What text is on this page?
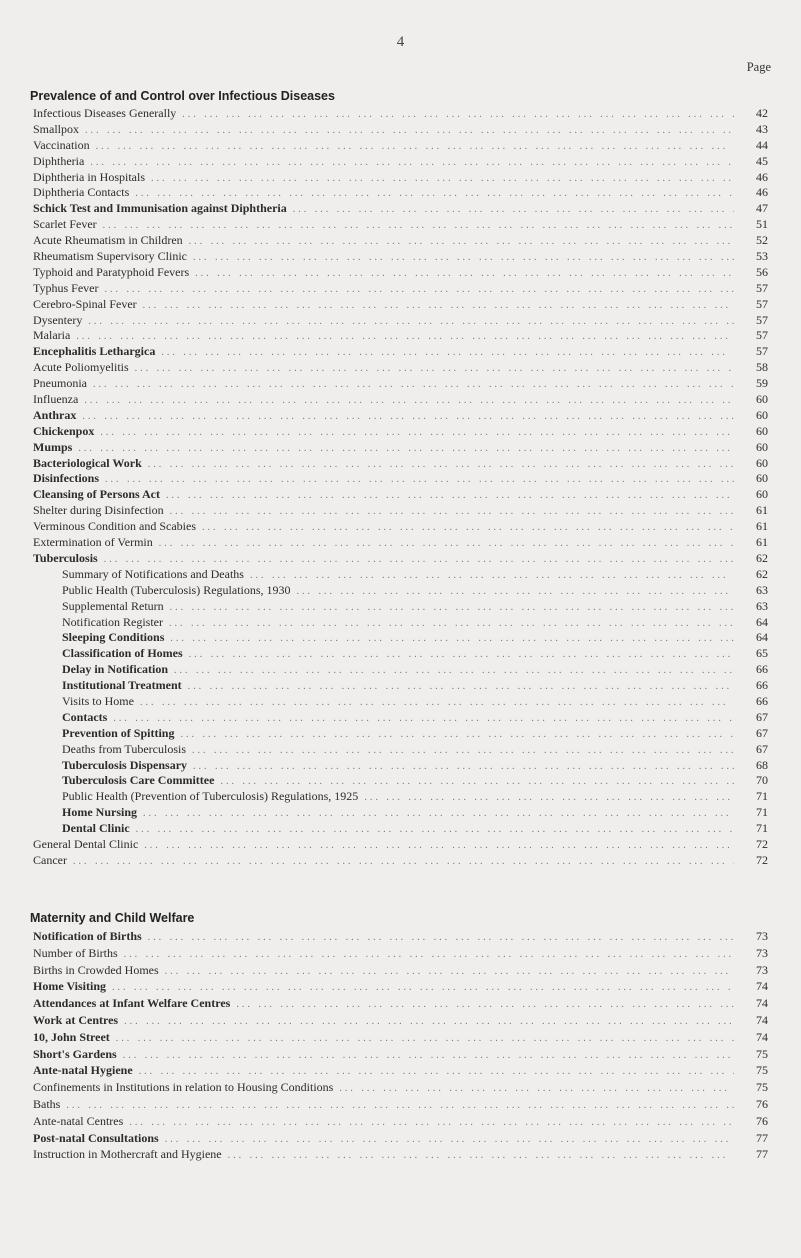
4
Page
Prevalence of and Control over Infectious Diseases
Infectious Diseases Generally ... .	42
Smallpox ... .	43
Vaccination ... .	44
Diphtheria ... .	45
Diphtheria in Hospitals ... .	46
Diphtheria Contacts ... .	46
Schick Test and Immunisation against Diphtheria ... .	47
Scarlet Fever ... .	51
Acute Rheumatism in Children ... .	52
Rheumatism Supervisory Clinic ... .	53
Typhoid and Paratyphoid Fevers ... .	56
Typhus Fever ... .	57
Cerebro-Spinal Fever ... .	57
Dysentery ... .	57
Malaria ... .	57
Encephalitis Lethargica ... .	57
Acute Poliomyelitis ... .	58
Pneumonia ... .	59
Influenza ... .	60
Anthrax ... .	60
Chickenpox ... .	60
Mumps ... .	60
Bacteriological Work ... .	60
Disinfections ... .	60
Cleansing of Persons Act ... .	60
Shelter during Disinfection ... .	61
Verminous Condition and Scabies ... .	61
Extermination of Vermin ... .	61
Tuberculosis ... .	62
Summary of Notifications and Deaths ... .	62
Public Health (Tuberculosis) Regulations, 1930 ... .	63
Supplemental Return ... .	63
Notification Register ... .	64
Sleeping Conditions ... .	64
Classification of Homes ... .	65
Delay in Notification ... .	66
Institutional Treatment ... .	66
Visits to Home ... .	66
Contacts ... .	67
Prevention of Spitting ... .	67
Deaths from Tuberculosis ... .	67
Tuberculosis Dispensary ... .	68
Tuberculosis Care Committee ... .	70
Public Health (Prevention of Tuberculosis) Regulations, 1925 ... .	71
Home Nursing ... .	71
Dental Clinic ... .	71
General Dental Clinic ... .	72
Cancer ... .	72
Maternity and Child Welfare
Notification of Births ... .	73
Number of Births ... .	73
Births in Crowded Homes ... .	73
Home Visiting ... .	74
Attendances at Infant Welfare Centres ... .	74
Work at Centres ... .	74
10, John Street ... .	74
Short's Gardens ... .	75
Ante-natal Hygiene ... .	75
Confinements in Institutions in relation to Housing Conditions ... .	75
Baths ... .	76
Ante-natal Centres ... .	76
Post-natal Consultations ... .	77
Instruction in Mothercraft and Hygiene ... .	77
